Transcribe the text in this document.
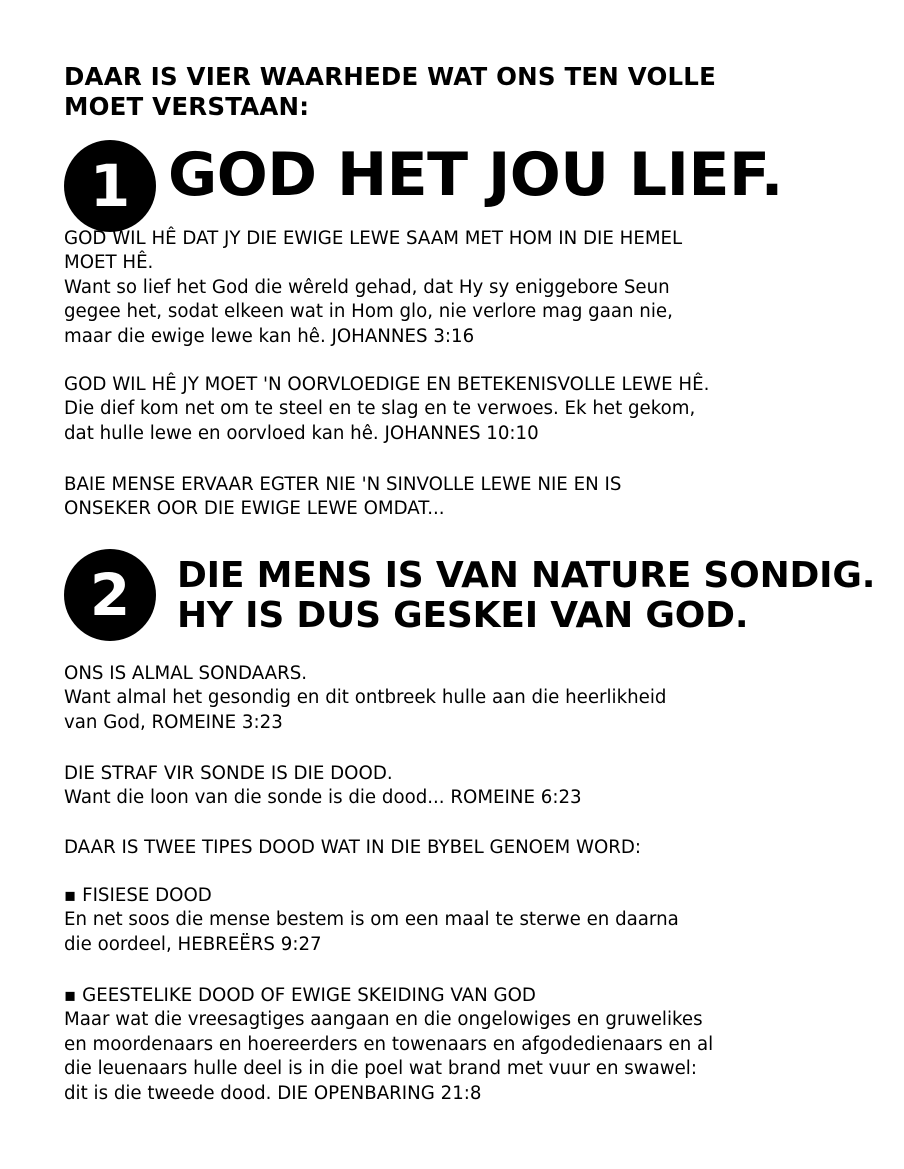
DAAR IS VIER WAARHEDE WAT ONS TEN VOLLE
MOET VERSTAAN:
1 GOD HET JOU LIEF.
GOD WIL HÊ DAT JY DIE EWIGE LEWE SAAM MET HOM IN DIE HEMEL
MOET HÊ.
Want so lief het God die wêreld gehad, dat Hy sy eniggebore Seun
gegee het, sodat elkeen wat in Hom glo, nie verlore mag gaan nie,
maar die ewige lewe kan hê. JOHANNES 3:16
GOD WIL HÊ JY MOET 'N OORVLOEDIGE EN BETEKENISVOLLE LEWE HÊ.
Die dief kom net om te steel en te slag en te verwoes. Ek het gekom,
dat hulle lewe en oorvloed kan hê. JOHANNES 10:10
BAIE MENSE ERVAAR EGTER NIE 'N SINVOLLE LEWE NIE EN IS
ONSEKER OOR DIE EWIGE LEWE OMDAT...
2 DIE MENS IS VAN NATURE SONDIG.
HY IS DUS GESKEI VAN GOD.
ONS IS ALMAL SONDAARS.
Want almal het gesondig en dit ontbreek hulle aan die heerlikheid
van God, ROMEINE 3:23
DIE STRAF VIR SONDE IS DIE DOOD.
Want die loon van die sonde is die dood... ROMEINE 6:23
DAAR IS TWEE TIPES DOOD WAT IN DIE BYBEL GENOEM WORD:
▪ FISIESE DOOD
En net soos die mense bestem is om een maal te sterwe en daarna
die oordeel, HEBREËRS 9:27
▪ GEESTELIKE DOOD OF EWIGE SKEIDING VAN GOD
Maar wat die vreesagtiges aangaan en die ongelowiges en gruwelikes
en moordenaars en hoereerders en towenaars en afgodedienaars en al
die leuenaars hulle deel is in die poel wat brand met vuur en swawel:
dit is die tweede dood. DIE OPENBARING 21:8
